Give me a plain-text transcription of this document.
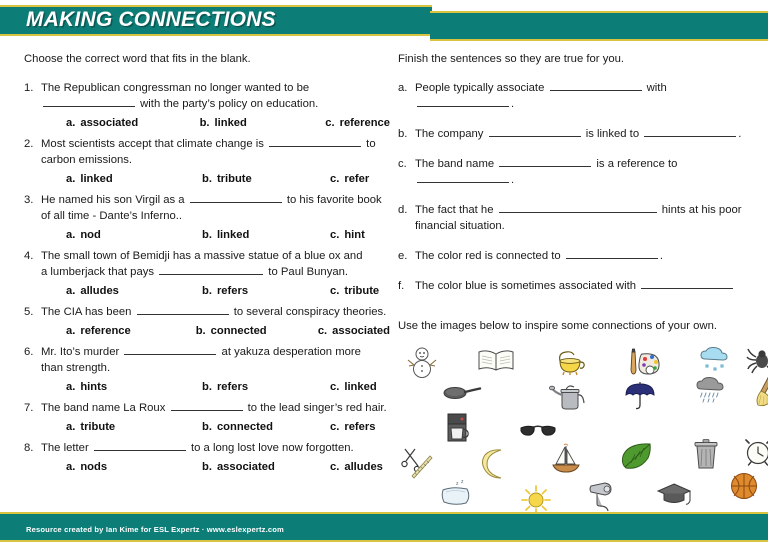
MAKING CONNECTIONS

Choose the correct word that fits in the blank.

1. The Republican congressman no longer wanted to be
with the party’s policy on education.
a. associated	b. linked	c. reference
2. Most scientists accept that climate change is	to
carbon emissions.
a. linked	b. tribute	c. refer
3. He named his son Virgil as a	to his favorite book
of all time - Dante’s Inferno..
a. nod	b. linked	c. hint
4. The small town of Bemidji has a massive statue of a blue ox and
a lumberjack that pays	to Paul Bunyan.
a. alludes	b. refers	c. tribute
5. The CIA has been	to several conspiracy theories.
a. reference	b. connected	c. associated
6. Mr. Ito’s murder	at yakuza desperation more
than strength.
a. hints	b. refers	c. linked
7. The band name La Roux	to the lead singer’s red hair.
a. tribute	b. connected	c. refers
8. The letter	to a long lost love now forgotten.
a. nods	b. associated	c. alludes

Finish the sentences so they are true for you.

a. People typically associate	with .
b. The company	is linked to	.
c. The band name	is a reference to .
d. The fact that he	hints at his poor
financial situation.
e. The color red is connected to	.
f. The color blue is sometimes associated with

Use the images below to inspire some connections of your own.

z z
Resource created by Ian Kime for ESL Expertz · www.eslexpertz.com
